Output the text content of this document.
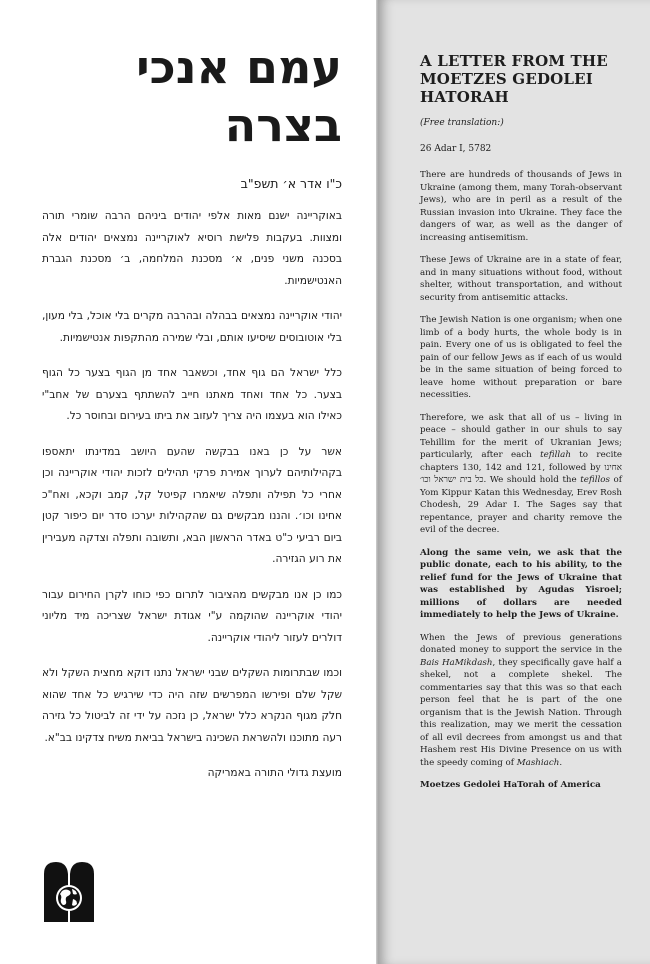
עמם אנכי בצרה
כ"ו אדר א׳ תשפ"ב

באוקריינה ישנם מאות אלפי יהודים ביניהם הרבה שומרי תורה ומצוות. בעקבות פלישת רוסיא לאוקריינה נמצאים יהודים אלה בסכנה משני פנים, א׳ מסכנת המלחמה, ב׳ מסכנת הגברת האנטישמיות.

יהודי אוקריינה נמצאים בבהלה ובהרבה מקרים בלי אוכל, בלי מעון, בלי אוטובוסים שיסיעו אותם, ובלי שמירה מהתקפות אנטישמיות.

כלל ישראל הם גוף אחד, וכשאבר אחד מן הגוף בצער כל הגוף בצער. כל אחד ואחד מאתנו חייב להשתתף בצערם של אחב"י כאילו הוא בעצמו היה צריך לעזוב את ביתו בעירום ובחוסר כל.

אשר על כן באנו בבקשה שהעם היושב במדינתו יתאספו בקהילותיהם לערוך אמירת פרקי תהילים לזכות יהודי אוקריינה וכן אחרי כל תפילה ותפלה שיאמרו קפיטל קל, קמב וקכא, ואח"כ אחינו וכו׳. והננו מבקשים גם שהקהילות יערכו סדר יום כיפור קטן ביום רביעי כ"ט באדר הראשון הבא, ותשובה ותפלה וצדקה מעבירין את רוע הגזירה.

כמו כן אנו מבקשים מהציבור לתרום כפי כוחו לקרן החירום עבור יהודי אוקריינה שהוקמה ע"י אגודת ישראל שצריכה מיד מליוני דולרים לעזור ליהודי אוקריינה.

וכמו שבתרומות השקלים שבני ישראל נתנו דוקא מחצית השקל ולא שקל שלם ופירשו המפרשים שזה היה כדי שירגיש כל אחד שהוא חלק מגוף הנקרא כלל ישראל, כן נזכה על ידי זה לביטול כל גזירה רעה מתוכנו ולהשראת השכינה בישראל בביאת משיח צדקינו בב"א.

מועצת גדולי התורה באמריקה
A LETTER FROM THE MOETZES GEDOLEI HATORAH
(Free translation:)
26 Adar I, 5782

There are hundreds of thousands of Jews in Ukraine (among them, many Torah-observant Jews), who are in peril as a result of the Russian invasion into Ukraine. They face the dangers of war, as well as the danger of increasing antisemitism.

These Jews of Ukraine are in a state of fear, and in many situations without food, without shelter, without transportation, and without security from antisemitic attacks.

The Jewish Nation is one organism; when one limb of a body hurts, the whole body is in pain. Every one of us is obligated to feel the pain of our fellow Jews as if each of us would be in the same situation of being forced to leave home without preparation or bare necessities.

Therefore, we ask that all of us – living in peace – should gather in our shuls to say Tehillim for the merit of Ukranian Jews; particularly, after each tefillah to recite chapters 130, 142 and 121, followed by אחינו כל בית ישראל וכו׳. We should hold the tefillos of Yom Kippur Katan this Wednesday, Erev Rosh Chodesh, 29 Adar I. The Sages say that repentance, prayer and charity remove the evil of the decree.

Along the same vein, we ask that the public donate, each to his ability, to the relief fund for the Jews of Ukraine that was established by Agudas Yisroel; millions of dollars are needed immediately to help the Jews of Ukraine.

When the Jews of previous generations donated money to support the service in the Bais HaMikdash, they specifically gave half a shekel, not a complete shekel. The commentaries say that this was so that each person feel that he is part of the one organism that is the Jewish Nation. Through this realization, may we merit the cessation of all evil decrees from amongst us and that Hashem rest His Divine Presence on us with the speedy coming of Mashiach.

Moetzes Gedolei HaTorah of America
